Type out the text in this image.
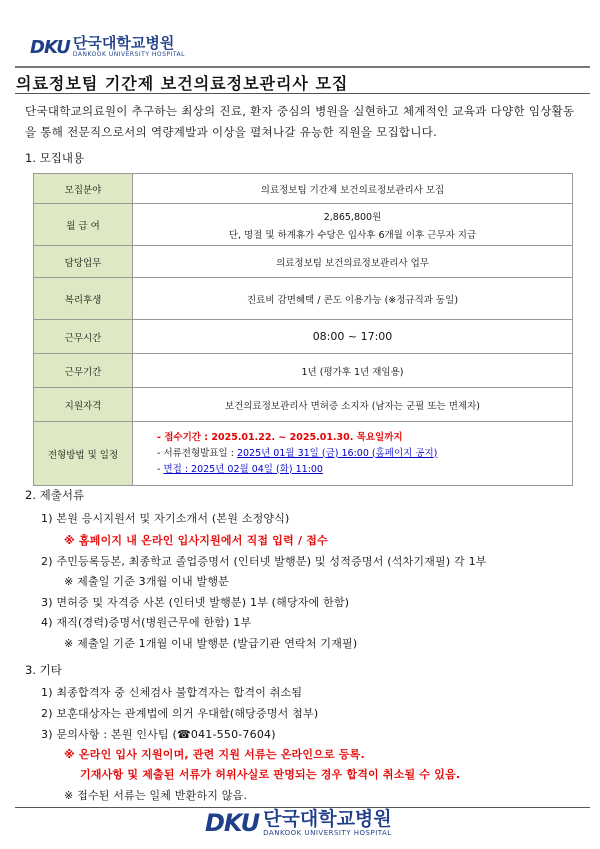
DKU 단국대학교병원
DANKOOK UNIVERSITY HOSPITAL
의료정보팀 기간제 보건의료정보관리사 모집
단국대학교의료원이 추구하는 최상의 진료, 환자 중심의 병원을 실현하고 체계적인 교육과 다양한 임상활동을 통해 전문직으로서의 역량계발과 이상을 펼쳐나갈 유능한 직원을 모집합니다.
1. 모집내용
모집분야	의료정보팀 기간제 보건의료정보관리사 모집
월 급 여	2,865,800원
단, 명절 및 하계휴가 수당은 입사후 6개월 이후 근무자 지급

담당업무	의료정보팀 보건의료정보관리사 업무
복리후생	진료비 감면혜택 / 콘도 이용가능 (※정규직과 동일)
근무시간	08:00 ~ 17:00
근무기간	1년 (평가후 1년 재임용)
지원자격	보건의료정보관리사 면허증 소지자 (남자는 군필 또는 면제자)
전형방법 및 일정	- 접수기간 : 2025.01.22. ~ 2025.01.30. 목요일까지
- 서류전형발표일 : 2025년 01월 31일 (금) 16:00 (홈페이지 공지)
- 면접 : 2025년 02월 04일 (화) 11:00
2. 제출서류
1) 본원 응시지원서 및 자기소개서 (본원 소정양식)
※ 홈페이지 내 온라인 입사지원에서 직접 입력 / 접수
2) 주민등록등본, 최종학교 졸업증명서 (인터넷 발행분) 및 성적증명서 (석차기재필) 각 1부
※ 제출일 기준 3개월 이내 발행분
3) 면허증 및 자격증 사본 (인터넷 발행분) 1부 (해당자에 한함)
4) 재직(경력)증명서(병원근무에 한함) 1부
※ 제출일 기준 1개월 이내 발행분 (발급기관 연락처 기재필)
3. 기타
1) 최종합격자 중 신체검사 불합격자는 합격이 취소됨
2) 보훈대상자는 관계법에 의거 우대함(해당증명서 첨부)
3) 문의사항 : 본원 인사팀 (☎041-550-7604)
※ 온라인 입사 지원이며, 관련 지원 서류는 온라인으로 등록.
기재사항 및 제출된 서류가 허위사실로 판명되는 경우 합격이 취소될 수 있음.
※ 접수된 서류는 일체 반환하지 않음.
DKU 단국대학교병원
DANKOOK UNIVERSITY HOSPITAL
